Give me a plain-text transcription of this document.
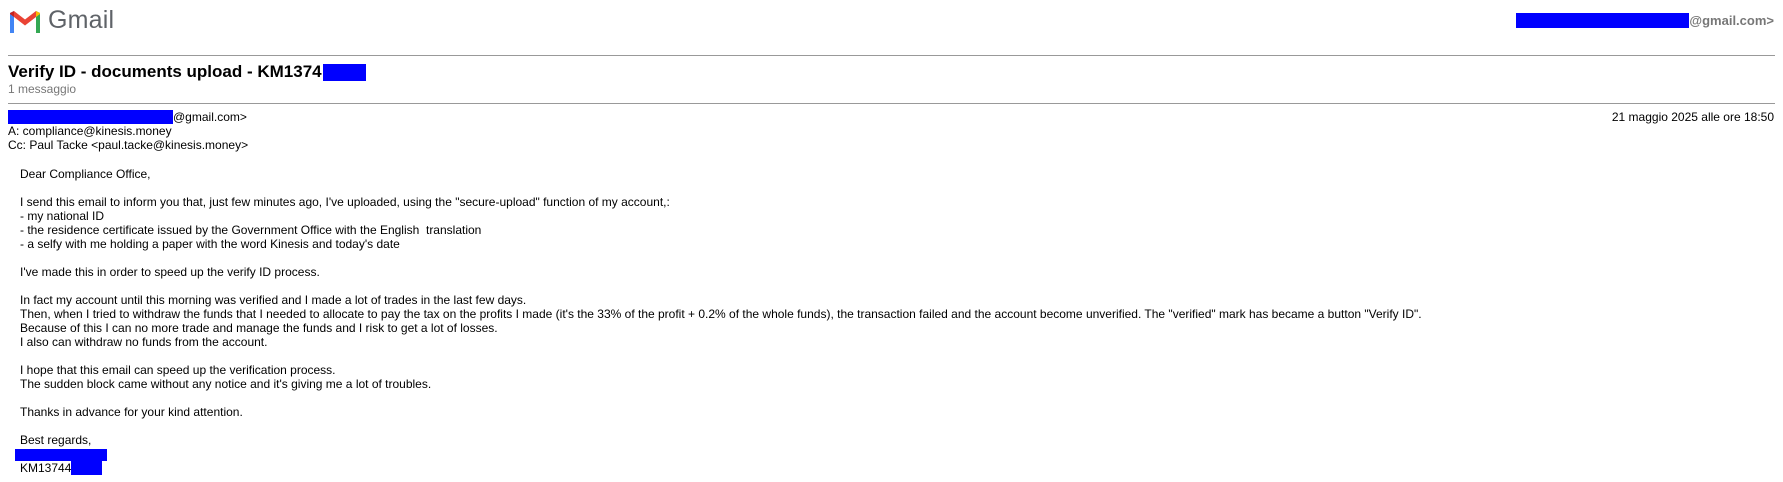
Gmail	@gmail.com>
Verify ID - documents upload - KM1374
1 messaggio
@gmail.com>	21 maggio 2025 alle ore 18:50
A: compliance@kinesis.money
Cc: Paul Tacke <paul.tacke@kinesis.money>
Dear Compliance Office,
I send this email to inform you that, just few minutes ago, I've uploaded, using the "secure-upload" function of my account,:
- my national ID
- the residence certificate issued by the Government Office with the English  translation
- a selfy with me holding a paper with the word Kinesis and today's date
I've made this in order to speed up the verify ID process.
In fact my account until this morning was verified and I made a lot of trades in the last few days.
Then, when I tried to withdraw the funds that I needed to allocate to pay the tax on the profits I made (it's the 33% of the profit + 0.2% of the whole funds), the transaction failed and the account become unverified. The "verified" mark has became a button "Verify ID".
Because of this I can no more trade and manage the funds and I risk to get a lot of losses.
I also can withdraw no funds from the account.
I hope that this email can speed up the verification process.
The sudden block came without any notice and it's giving me a lot of troubles.
Thanks in advance for your kind attention.
Best regards,
KM13744
